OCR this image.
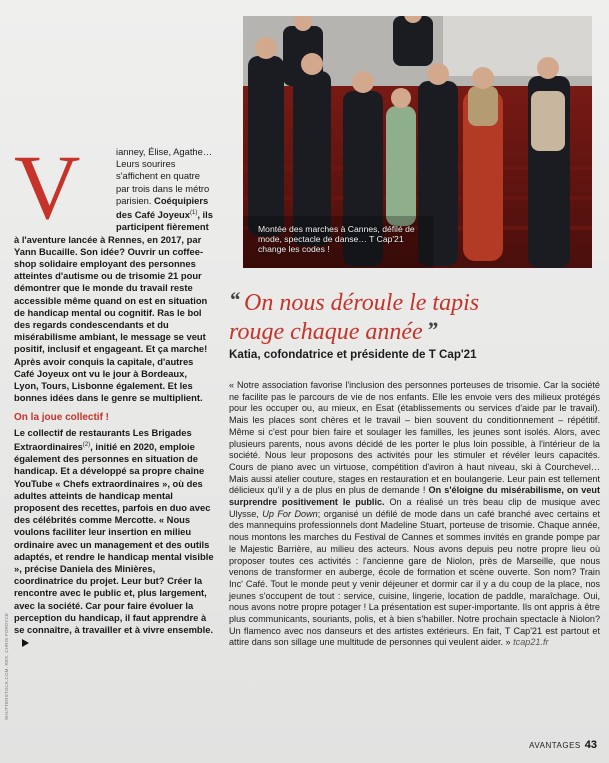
V	ianney, Élise, Agathe… Leurs sourires s'affichent en quatre par trois dans le métro parisien. Coéquipiers des Café Joyeux$^{(1)}$, ils participent fièrement à l'aventure lancée à Rennes, en 2017, par Yann Bucaille. Son idée? Ouvrir un coffee-shop solidaire employant des personnes atteintes d'autisme ou de trisomie 21 pour démontrer que le monde du travail reste accessible même quand on est en situation de handicap mental ou cognitif. Ras le bol des regards condescendants et du misérabilisme ambiant, le message se veut positif, inclusif et engageant. Et ça marche! Après avoir conquis la capitale, d'autres Café Joyeux ont vu le jour à Bordeaux, Lyon, Tours, Lisbonne également. Et les bonnes idées dans le genre se multiplient.
On la joue collectif !

Le collectif de restaurants Les Brigades Extraordinaires$^{(2)}$, initié en 2020, emploie également des personnes en situation de handicap. Et a développé sa propre chaîne YouTube « Chefs extraordinaires », où des adultes atteints de handicap mental proposent des recettes, parfois en duo avec des célébrités comme Mercotte. « Nous voulons faciliter leur insertion en milieu ordinaire avec un management et des outils adaptés, et rendre le handicap mental visible », précise Daniela des Minières, coordinatrice du projet. Leur but? Créer la rencontre avec le public et, plus largement, avec la société. Car pour faire évoluer la perception du handicap, il faut apprendre à se connaître, à travailler et à vivre ensemble.

SHUTTERSTOCK.COM, REX, CHRIS FORDYCE
Montée des marches à Cannes, défilé de mode, spectacle de danse… T Cap'21 change les codes !
“ On nous déroule le tapis
rouge chaque année ”
Katia, cofondatrice et présidente de T Cap'21
« Notre association favorise l'inclusion des personnes porteuses de trisomie. Car la société ne facilite pas le parcours de vie de nos enfants. Elle les envoie vers des milieux protégés pour les occuper ou, au mieux, en Esat (établissements ou services d'aide par le travail). Mais les places sont chères et le travail – bien souvent du conditionnement – répétitif. Même si c'est pour bien faire et soulager les familles, les jeunes sont isolés. Alors, avec plusieurs parents, nous avons décidé de les porter le plus loin possible, à l'intérieur de la société. Nous leur proposons des activités pour les stimuler et révéler leurs capacités. Cours de piano avec un virtuose, compétition d'aviron à haut niveau, ski à Courchevel… Mais aussi atelier couture, stages en restauration et en boulangerie. Leur pain est tellement délicieux qu'il y a de plus en plus de demande ! On s'éloigne du misérabilisme, on veut surprendre positivement le public. On a réalisé un très beau clip de musique avec Ulysse, Up For Down; organisé un défilé de mode dans un café branché avec certains et des mannequins professionnels dont Madeline Stuart, porteuse de trisomie. Chaque année, nous montons les marches du Festival de Cannes et sommes invités en grande pompe par le Majestic Barrière, au milieu des acteurs. Nous avons depuis peu notre propre lieu où proposer toutes ces activités : l'ancienne gare de Niolon, près de Marseille, que nous venons de transformer en auberge, école de formation et scène ouverte. Son nom? Train Inc' Café. Tout le monde peut y venir déjeuner et dormir car il y a du coup de la place, nos jeunes s'occupent de tout : service, cuisine, lingerie, location de paddle, maraîchage. Oui, nous avons notre propre potager ! La présentation est super-importante. Ils ont appris à être plus communicants, souriants, polis, et à bien s'habiller. Notre prochain spectacle à Niolon? Un flamenco avec nos danseurs et des artistes extérieurs. En fait, T Cap'21 est partout et attire dans son sillage une multitude de personnes qui veulent aider. » tcap21.fr
AVANTAGES 43
